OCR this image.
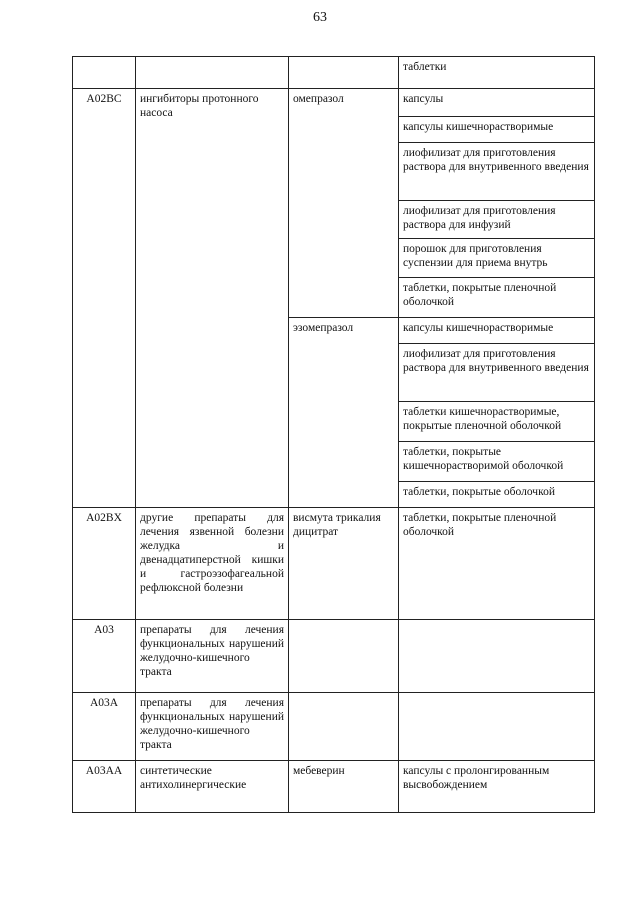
63
			таблетки
A02BC	ингибиторы протонного насоса	омепразол	капсулы
			капсулы кишечнорастворимые
			лиофилизат для приготовления раствора для внутривенного введения
			лиофилизат для приготовления раствора для инфузий
			порошок для приготовления суспензии для приема внутрь
			таблетки, покрытые пленочной оболочкой
		эзомепразол	капсулы кишечнорастворимые
			лиофилизат для приготовления раствора для внутривенного введения
			таблетки кишечнорастворимые, покрытые пленочной оболочкой
			таблетки, покрытые кишечнорастворимой оболочкой
			таблетки, покрытые оболочкой
A02BX	другие препараты для лечения язвенной болезни желудка и двенадцатиперстной кишки и гастроэзофагеальной рефлюксной болезни	висмута трикалия дицитрат	таблетки, покрытые пленочной оболочкой
A03	препараты для лечения функциональных нарушений желудочно-кишечного тракта		
A03A	препараты для лечения функциональных нарушений желудочно-кишечного тракта		
A03AA	синтетические антихолинергические	мебеверин	капсулы с пролонгированным высвобождением
